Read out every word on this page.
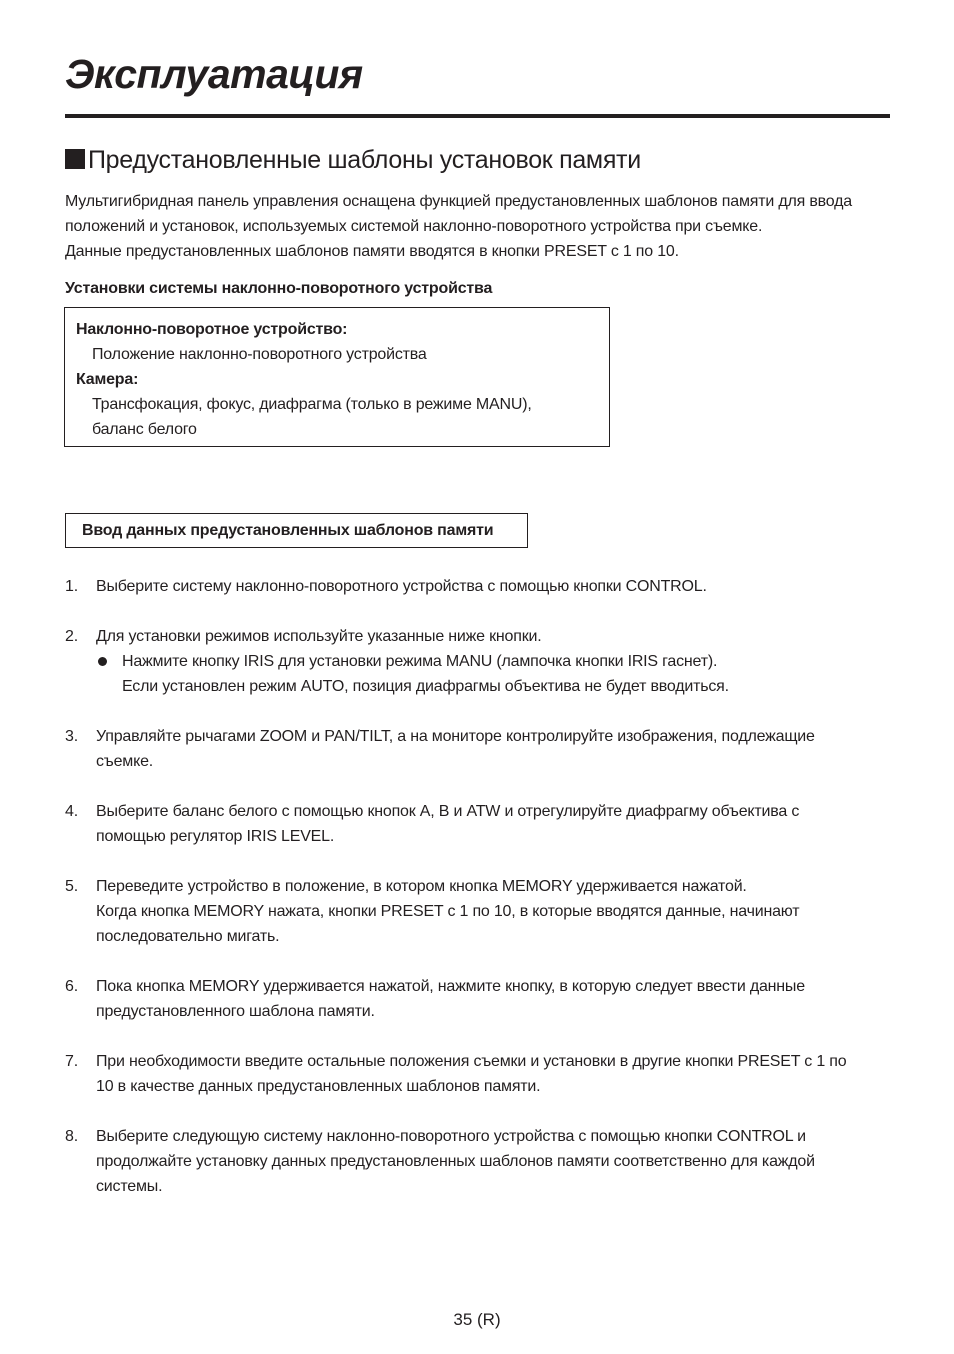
Эксплуатация
Предустановленные шаблоны установок памяти

Мультигибридная панель управления оснащена функцией предустановленных шаблонов памяти для ввода

положений и установок, используемых системой наклонно-поворотного устройства при съемке.

Данные предустановленных шаблонов памяти вводятся в кнопки PRESET с 1 по 10.

Установки системы наклонно-поворотного устройства
Наклонно-поворотное устройство:
Положение наклонно-поворотного устройства
Камера:
Трансфокация, фокус, диафрагма (только в режиме MANU),
баланс белого
Ввод данных предустановленных шаблонов памяти
1.	Выберите систему наклонно-поворотного устройства с помощью кнопки CONTROL.

2.	Для установки режимов используйте указанные ниже кнопки.

Нажмите кнопку IRIS для установки режима MANU (лампочка кнопки IRIS гаснет).

Если установлен режим AUTO, позиция диафрагмы объектива не будет вводиться.

3.	Управляйте рычагами ZOOM и PAN/TILT, а на мониторе контролируйте изображения, подлежащие

съемке.

4.	Выберите баланс белого с помощью кнопок A, B и ATW и отрегулируйте диафрагму объектива с

помощью регулятор IRIS LEVEL.

5.	Переведите устройство в положение, в котором кнопка MEMORY удерживается нажатой.

Когда кнопка MEMORY нажата, кнопки PRESET с 1 по 10, в которые вводятся данные, начинают

последовательно мигать.

6.	Пока кнопка MEMORY удерживается нажатой, нажмите кнопку, в которую следует ввести данные

предустановленного шаблона памяти.

7.	При необходимости введите остальные положения съемки и установки в другие кнопки PRESET с 1 по

10 в качестве данных предустановленных шаблонов памяти.

8.	Выберите следующую систему наклонно-поворотного устройства с помощью кнопки CONTROL и

продолжайте установку данных предустановленных шаблонов памяти соответственно для каждой

системы.

35 (R)
